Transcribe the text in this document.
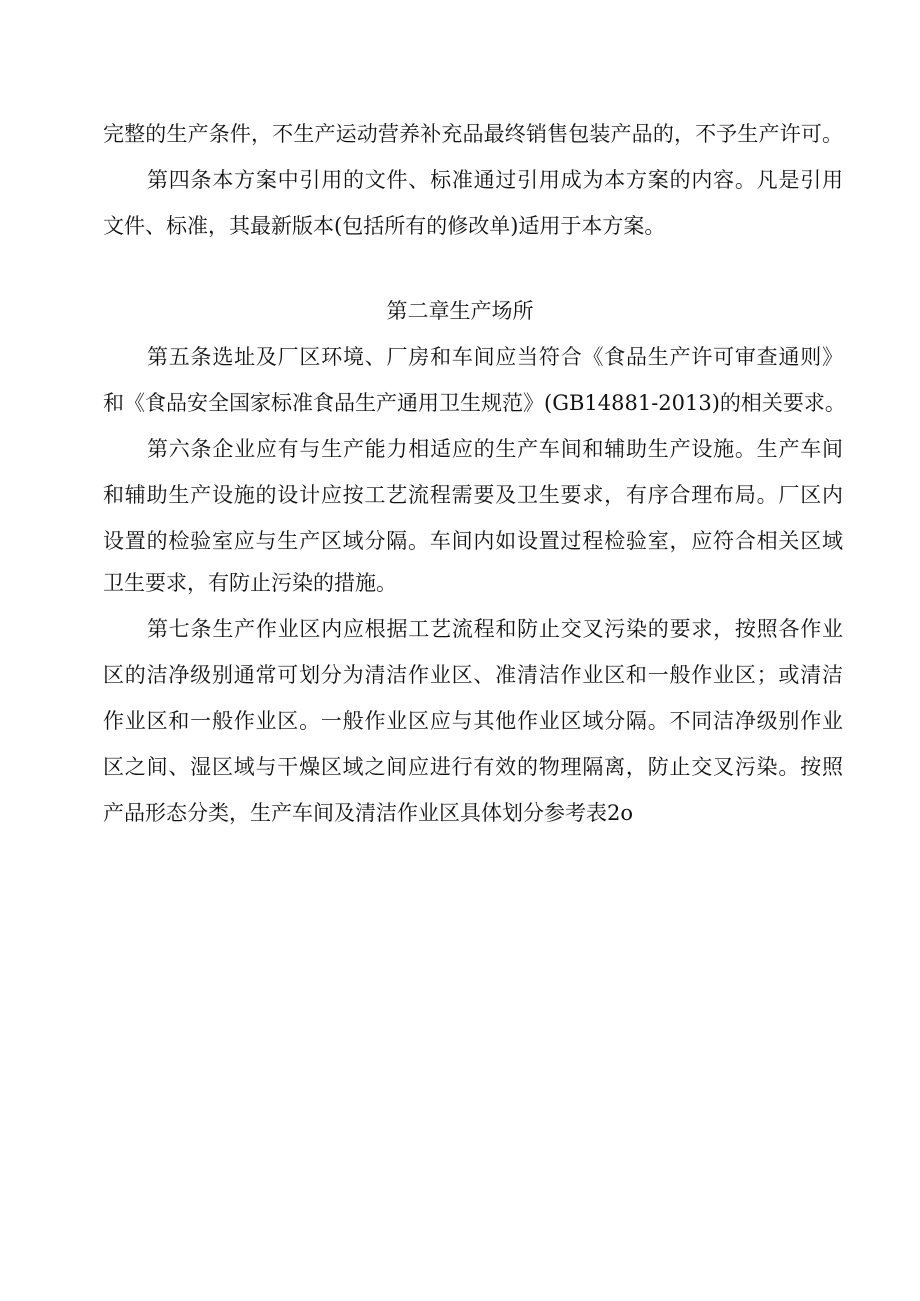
完整的生产条件，不生产运动营养补充品最终销售包装产品的，不予生产许可。
第四条本方案中引用的文件、标准通过引用成为本方案的内容。凡是引用
文件、标准，其最新版本(包括所有的修改单)适用于本方案。
第二章生产场所
第五条选址及厂区环境、厂房和车间应当符合《食品生产许可审查通则》
和《食品安全国家标准食品生产通用卫生规范》(GB14881-2013)的相关要求。
第六条企业应有与生产能力相适应的生产车间和辅助生产设施。生产车间
和辅助生产设施的设计应按工艺流程需要及卫生要求，有序合理布局。厂区内
设置的检验室应与生产区域分隔。车间内如设置过程检验室，应符合相关区域
卫生要求，有防止污染的措施。
第七条生产作业区内应根据工艺流程和防止交叉污染的要求，按照各作业
区的洁净级别通常可划分为清洁作业区、准清洁作业区和一般作业区；或清洁
作业区和一般作业区。一般作业区应与其他作业区域分隔。不同洁净级别作业
区之间、湿区域与干燥区域之间应进行有效的物理隔离，防止交叉污染。按照
产品形态分类，生产车间及清洁作业区具体划分参考表2o
